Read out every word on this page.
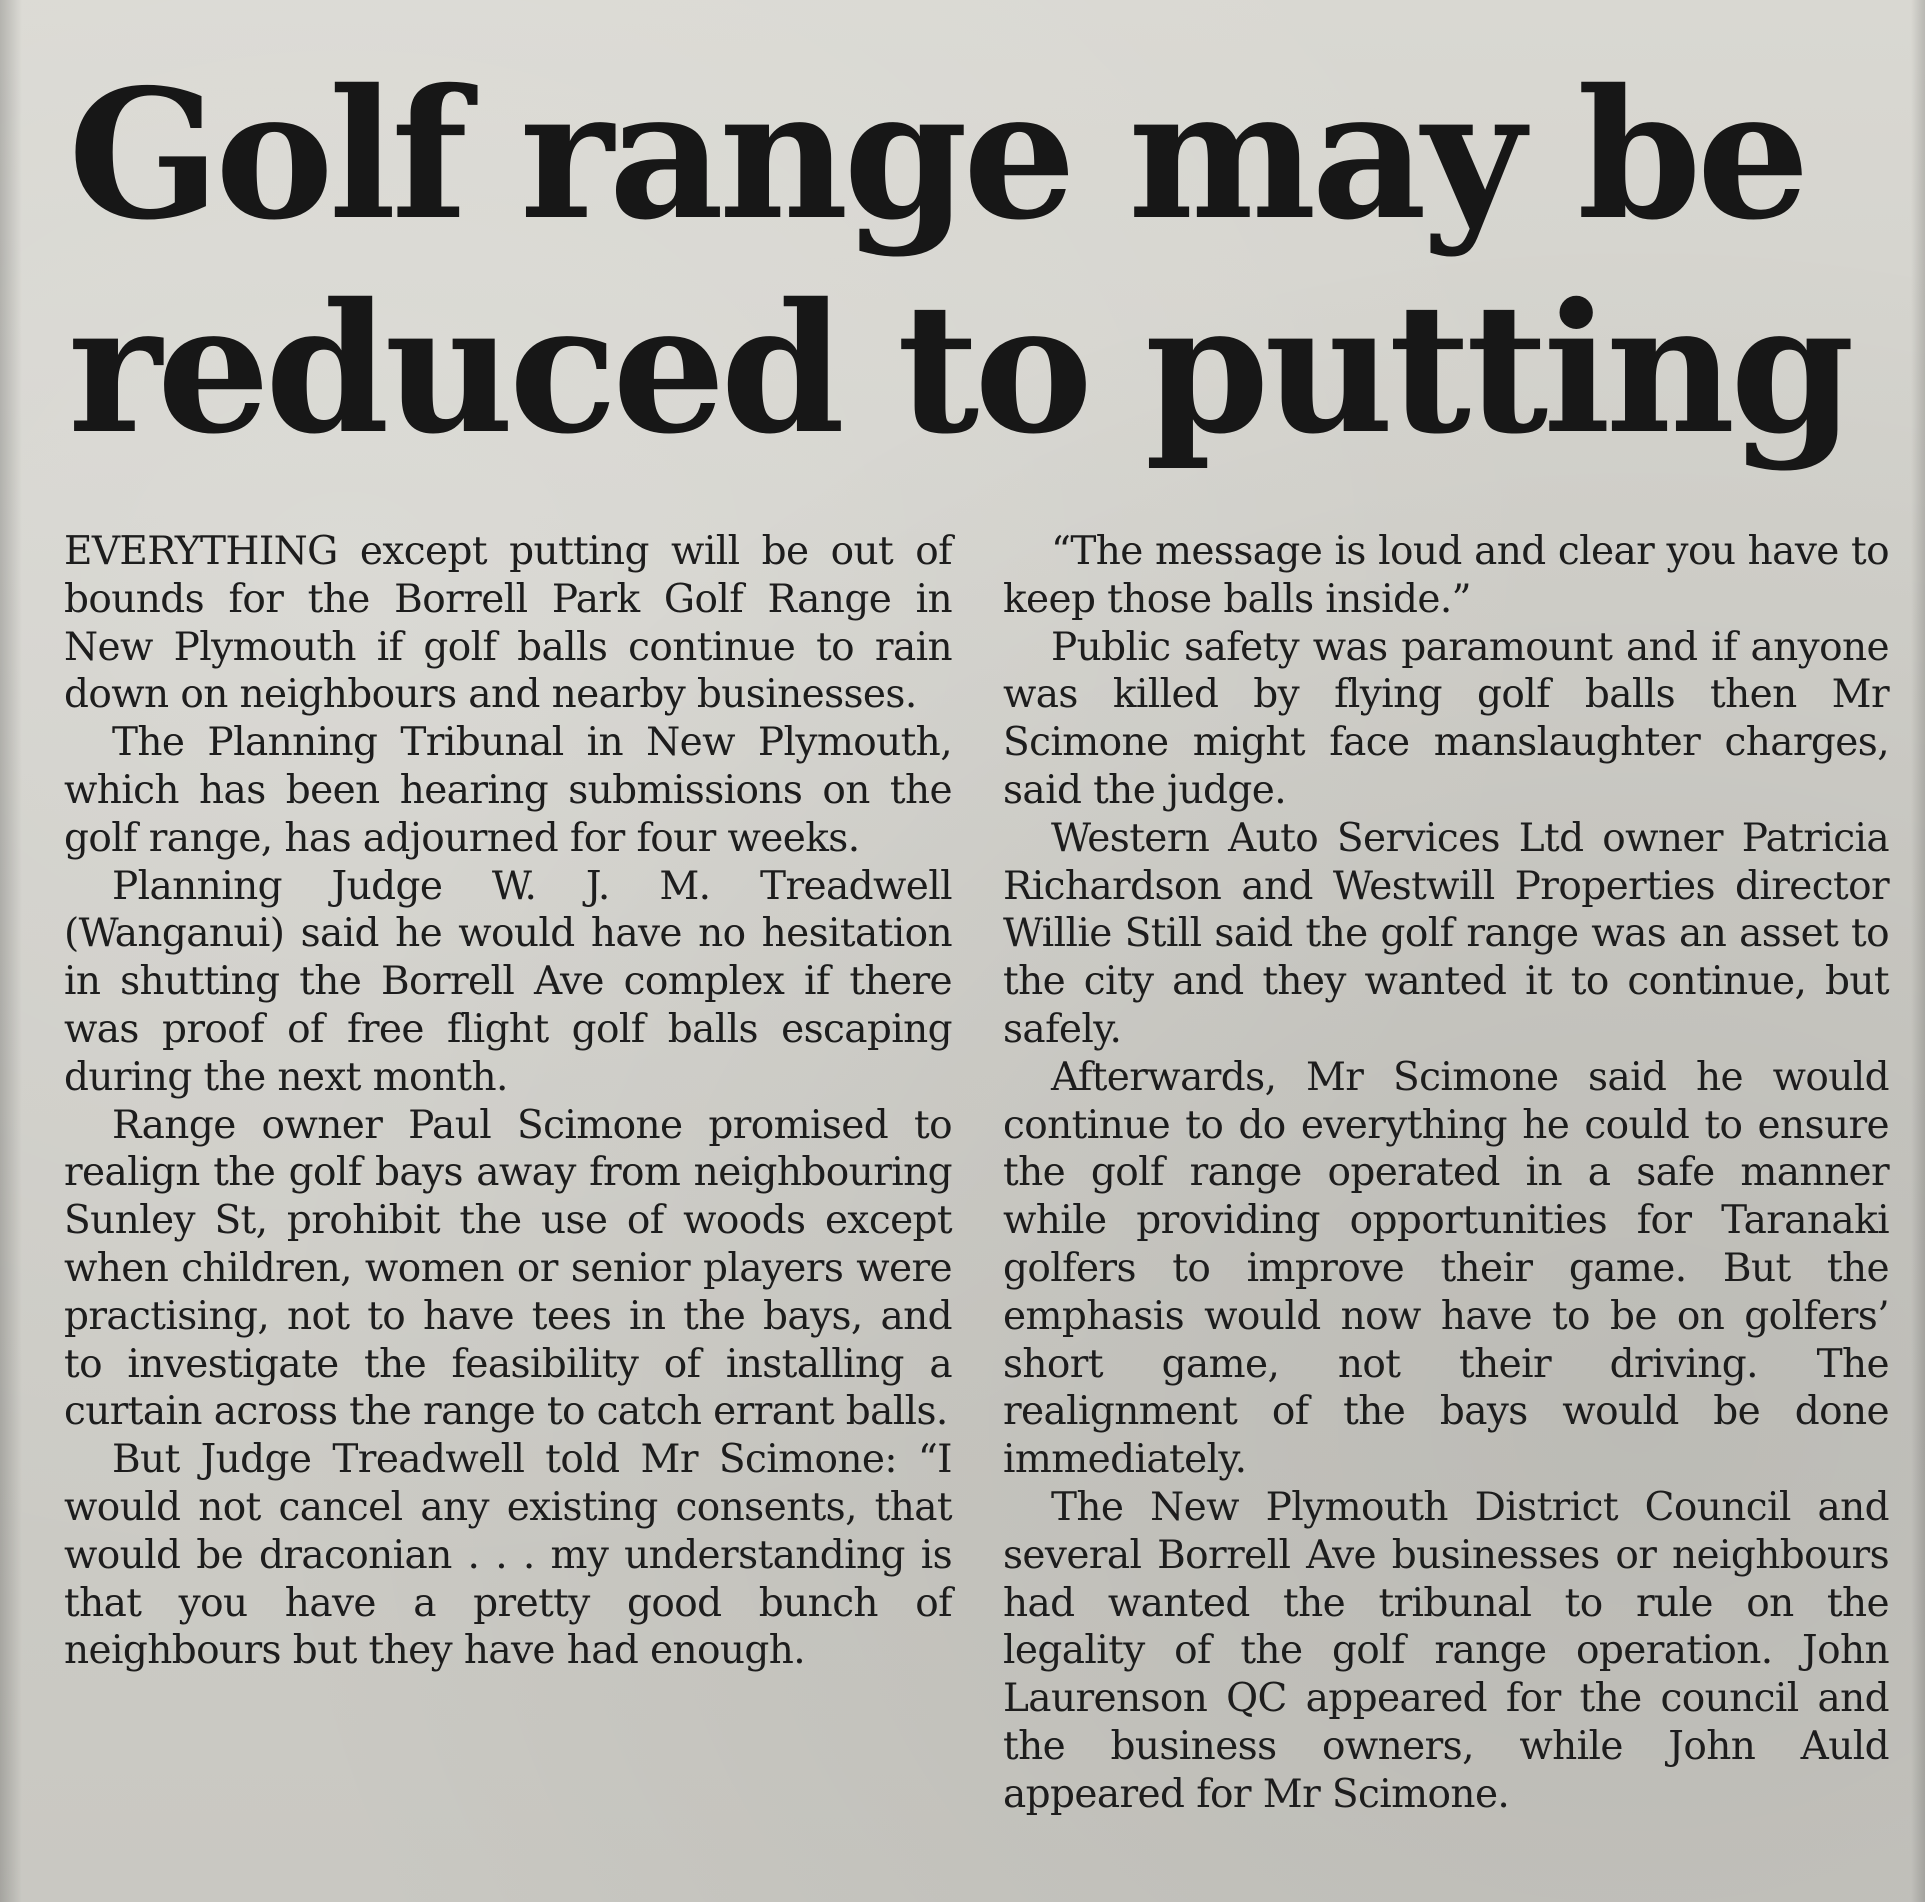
Golf range may be
reduced to putting

EVERYTHING except putting will be out of bounds for the Borrell Park Golf Range in New Plymouth if golf balls continue to rain down on neighbours and nearby businesses.

The Planning Tribunal in New Plymouth, which has been hearing submissions on the golf range, has adjourned for four weeks.

Planning Judge W. J. M. Treadwell (Wanganui) said he would have no hesitation in shutting the Borrell Ave complex if there was proof of free flight golf balls escaping during the next month.

Range owner Paul Scimone promised to realign the golf bays away from neighbouring Sunley St, prohibit the use of woods except when children, women or senior players were practising, not to have tees in the bays, and to investigate the feasibility of installing a curtain across the range to catch errant balls.

But Judge Treadwell told Mr Scimone: “I would not cancel any existing consents, that would be draconian . . . my understanding is that you have a pretty good bunch of neighbours but they have had enough.

“The message is loud and clear you have to keep those balls inside.”

Public safety was paramount and if anyone was killed by flying golf balls then Mr Scimone might face manslaughter charges, said the judge.

Western Auto Services Ltd owner Patricia Richardson and Westwill Properties director Willie Still said the golf range was an asset to the city and they wanted it to continue, but safely.

Afterwards, Mr Scimone said he would continue to do everything he could to ensure the golf range operated in a safe manner while providing opportunities for Taranaki golfers to improve their game. But the emphasis would now have to be on golfers’ short game, not their driving. The realignment of the bays would be done immediately.

The New Plymouth District Council and several Borrell Ave businesses or neighbours had wanted the tribunal to rule on the legality of the golf range operation. John Laurenson QC appeared for the council and the business owners, while John Auld appeared for Mr Scimone.
